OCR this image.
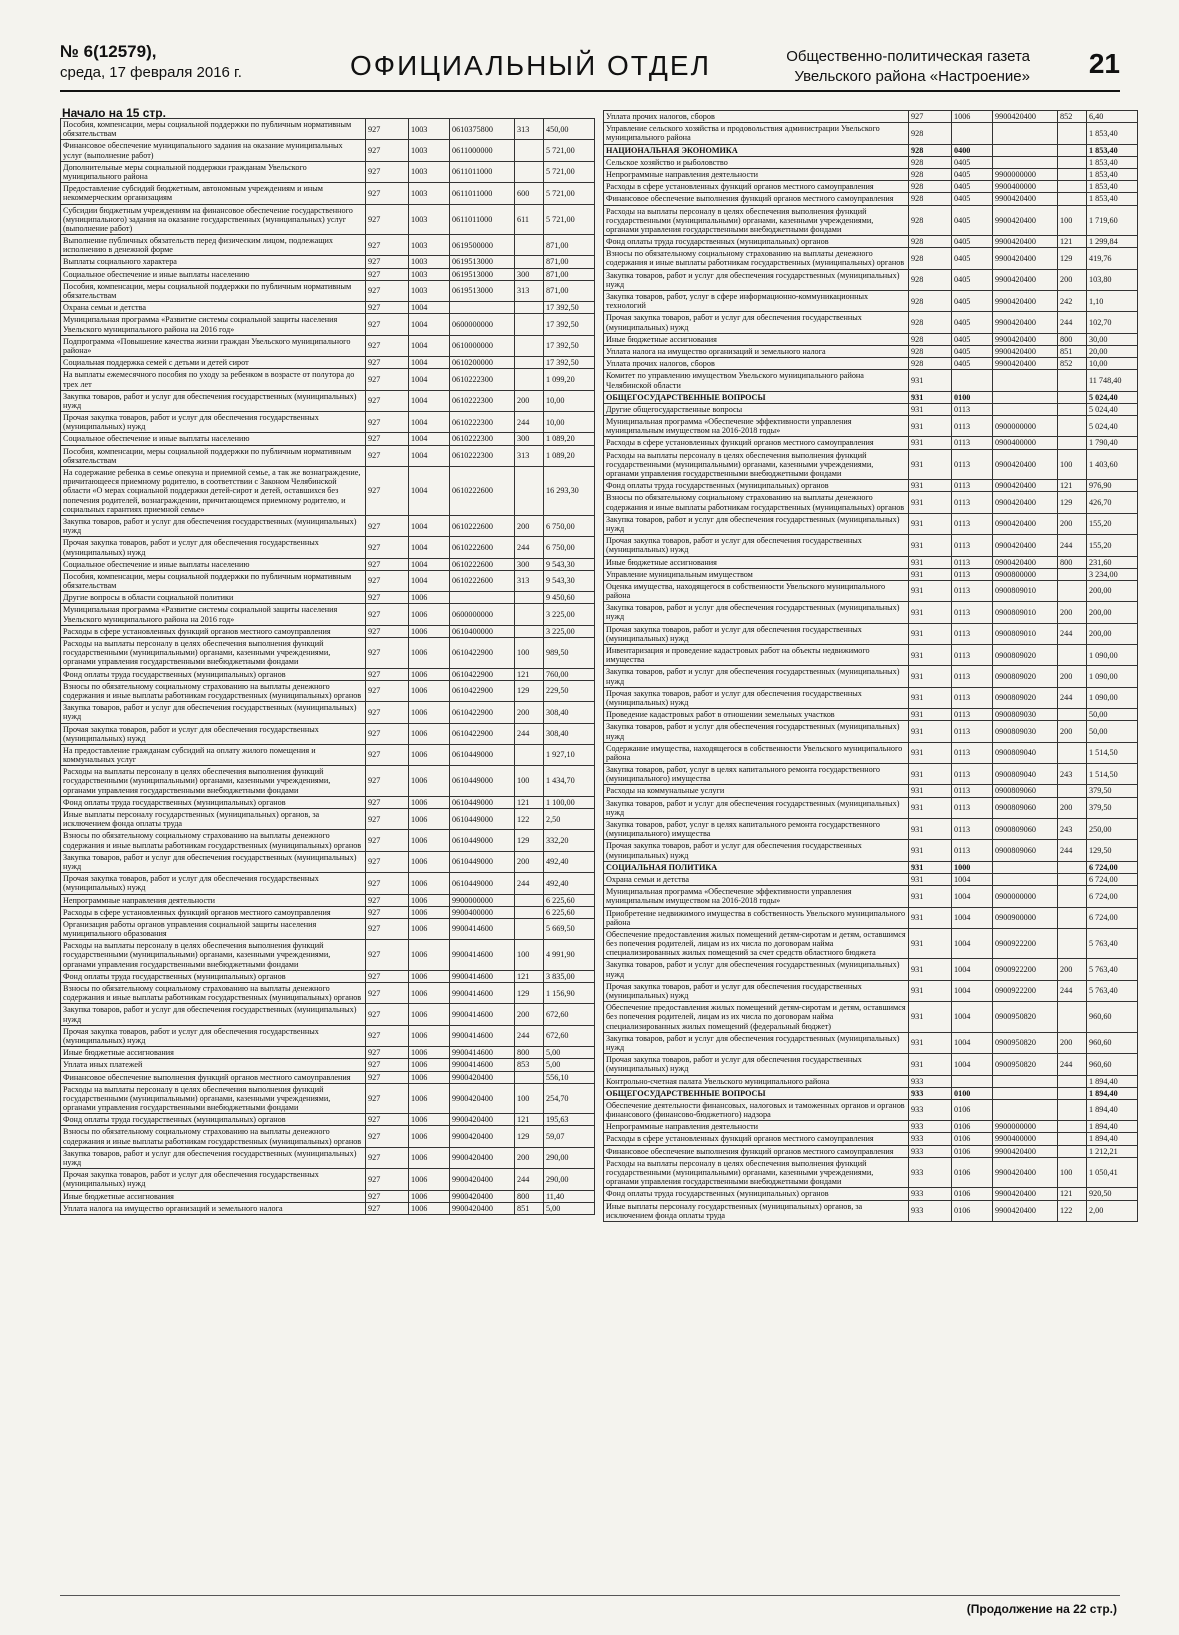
№ 6(12579),
среда, 17 февраля 2016 г.	ОФИЦИАЛЬНЫЙ ОТДЕЛ	Общественно-политическая газета
Увельского района «Настроение» 21
Начало на 15 стр.
Пособия, компенсации, меры социальной поддержки по публичным нормативным обязательствам	927	1003	0610375800	313	450,00
Финансовое обеспечение муниципального задания на оказание муниципальных услуг (выполнение работ)	927	1003	0611000000		5 721,00
Дополнительные меры социальной поддержки гражданам Увельского муниципального района	927	1003	0611011000		5 721,00
Предоставление субсидий бюджетным, автономным учреждениям и иным некоммерческим организациям	927	1003	0611011000	600	5 721,00
Субсидии бюджетным учреждениям на финансовое обеспечение государственного (муниципального) задания на оказание государственных (муниципальных) услуг (выполнение работ)	927	1003	0611011000	611	5 721,00
Выполнение публичных обязательств перед физическим лицом, подлежащих исполнению в денежной форме	927	1003	0619500000		871,00
Выплаты социального характера	927	1003	0619513000		871,00
Социальное обеспечение и иные выплаты населению	927	1003	0619513000	300	871,00
Пособия, компенсации, меры социальной поддержки по публичным нормативным обязательствам	927	1003	0619513000	313	871,00
Охрана семьи и детства	927	1004			17 392,50
Муниципальная программа «Развитие системы социальной защиты населения Увельского муниципального района на 2016 год»	927	1004	0600000000		17 392,50
Подпрограмма «Повышение качества жизни граждан Увельского муниципального района»	927	1004	0610000000		17 392,50
Социальная поддержка семей с детьми и детей сирот	927	1004	0610200000		17 392,50
На выплаты ежемесячного пособия по уходу за ребенком в возрасте от полутора до трех лет	927	1004	0610222300		1 099,20
Закупка товаров, работ и услуг для обеспечения государственных (муниципальных) нужд	927	1004	0610222300	200	10,00
Прочая закупка товаров, работ и услуг для обеспечения государственных (муниципальных) нужд	927	1004	0610222300	244	10,00
Социальное обеспечение и иные выплаты населению	927	1004	0610222300	300	1 089,20
Пособия, компенсации, меры социальной поддержки по публичным нормативным обязательствам	927	1004	0610222300	313	1 089,20
На содержание ребенка в семье опекуна и приемной семье, а так же вознаграждение, причитающееся приемному родителю, в соответствии с Законом Челябинской области «О мерах социальной поддержки детей-сирот и детей, оставшихся без попечения родителей, вознаграждении, причитающемся приемному родителю, и социальных гарантиях приемной семье»	927	1004	0610222600		16 293,30
Закупка товаров, работ и услуг для обеспечения государственных (муниципальных) нужд	927	1004	0610222600	200	6 750,00
Прочая закупка товаров, работ и услуг для обеспечения государственных (муниципальных) нужд	927	1004	0610222600	244	6 750,00
Социальное обеспечение и иные выплаты населению	927	1004	0610222600	300	9 543,30
Пособия, компенсации, меры социальной поддержки по публичным нормативным обязательствам	927	1004	0610222600	313	9 543,30
Другие вопросы в области социальной политики	927	1006			9 450,60
Муниципальная программа «Развитие системы социальной защиты населения Увельского муниципального района на 2016 год»	927	1006	0600000000		3 225,00
Расходы в сфере установленных функций органов местного самоуправления	927	1006	0610400000		3 225,00
Расходы на выплаты персоналу в целях обеспечения выполнения функций государственными (муниципальными) органами, казенными учреждениями, органами управления государственными внебюджетными фондами	927	1006	0610422900	100	989,50
Фонд оплаты труда государственных (муниципальных) органов	927	1006	0610422900	121	760,00
Взносы по обязательному социальному страхованию на выплаты денежного содержания и иные выплаты работникам государственных (муниципальных) органов	927	1006	0610422900	129	229,50
Закупка товаров, работ и услуг для обеспечения государственных (муниципальных) нужд	927	1006	0610422900	200	308,40
Прочая закупка товаров, работ и услуг для обеспечения государственных (муниципальных) нужд	927	1006	0610422900	244	308,40
На предоставление гражданам субсидий на оплату жилого помещения и коммунальных услуг	927	1006	0610449000		1 927,10
Расходы на выплаты персоналу в целях обеспечения выполнения функций государственными (муниципальными) органами, казенными учреждениями, органами управления государственными внебюджетными фондами	927	1006	0610449000	100	1 434,70
Фонд оплаты труда государственных (муниципальных) органов	927	1006	0610449000	121	1 100,00
Иные выплаты персоналу государственных (муниципальных) органов, за исключением фонда оплаты труда	927	1006	0610449000	122	2,50
Взносы по обязательному социальному страхованию на выплаты денежного содержания и иные выплаты работникам государственных (муниципальных) органов	927	1006	0610449000	129	332,20
Закупка товаров, работ и услуг для обеспечения государственных (муниципальных) нужд	927	1006	0610449000	200	492,40
Прочая закупка товаров, работ и услуг для обеспечения государственных (муниципальных) нужд	927	1006	0610449000	244	492,40
Непрограммные направления деятельности	927	1006	9900000000		6 225,60
Расходы в сфере установленных функций органов местного самоуправления	927	1006	9900400000		6 225,60
Организация работы органов управления социальной защиты населения муниципального образования	927	1006	9900414600		5 669,50
Расходы на выплаты персоналу в целях обеспечения выполнения функций государственными (муниципальными) органами, казенными учреждениями, органами управления государственными внебюджетными фондами	927	1006	9900414600	100	4 991,90
Фонд оплаты труда государственных (муниципальных) органов	927	1006	9900414600	121	3 835,00
Взносы по обязательному социальному страхованию на выплаты денежного содержания и иные выплаты работникам государственных (муниципальных) органов	927	1006	9900414600	129	1 156,90
Закупка товаров, работ и услуг для обеспечения государственных (муниципальных) нужд	927	1006	9900414600	200	672,60
Прочая закупка товаров, работ и услуг для обеспечения государственных (муниципальных) нужд	927	1006	9900414600	244	672,60
Иные бюджетные ассигнования	927	1006	9900414600	800	5,00
Уплата иных платежей	927	1006	9900414600	853	5,00
Финансовое обеспечение выполнения функций органов местного самоуправления	927	1006	9900420400		556,10
Расходы на выплаты персоналу в целях обеспечения выполнения функций государственными (муниципальными) органами, казенными учреждениями, органами управления государственными внебюджетными фондами	927	1006	9900420400	100	254,70
Фонд оплаты труда государственных (муниципальных) органов	927	1006	9900420400	121	195,63
Взносы по обязательному социальному страхованию на выплаты денежного содержания и иные выплаты работникам государственных (муниципальных) органов	927	1006	9900420400	129	59,07
Закупка товаров, работ и услуг для обеспечения государственных (муниципальных) нужд	927	1006	9900420400	200	290,00
Прочая закупка товаров, работ и услуг для обеспечения государственных (муниципальных) нужд	927	1006	9900420400	244	290,00
Иные бюджетные ассигнования	927	1006	9900420400	800	11,40
Уплата налога на имущество организаций и земельного налога	927	1006	9900420400	851	5,00
Уплата прочих налогов, сборов	927	1006	9900420400	852	6,40
Управление сельского хозяйства и продовольствия администрации Увельского муниципального района	928				1 853,40
НАЦИОНАЛЬНАЯ ЭКОНОМИКА	928	0400			1 853,40
Сельское хозяйство и рыболовство	928	0405			1 853,40
Непрограммные направления деятельности	928	0405	9900000000		1 853,40
Расходы в сфере установленных функций органов местного самоуправления	928	0405	9900400000		1 853,40
Финансовое обеспечение выполнения функций органов местного самоуправления	928	0405	9900420400		1 853,40
Расходы на выплаты персоналу в целях обеспечения выполнения функций государственными (муниципальными) органами, казенными учреждениями, органами управления государственными внебюджетными фондами	928	0405	9900420400	100	1 719,60
Фонд оплаты труда государственных (муниципальных) органов	928	0405	9900420400	121	1 299,84
Взносы по обязательному социальному страхованию на выплаты денежного содержания и иные выплаты работникам государственных (муниципальных) органов	928	0405	9900420400	129	419,76
Закупка товаров, работ и услуг для обеспечения государственных (муниципальных) нужд	928	0405	9900420400	200	103,80
Закупка товаров, работ, услуг в сфере информационно-коммуникационных технологий	928	0405	9900420400	242	1,10
Прочая закупка товаров, работ и услуг для обеспечения государственных (муниципальных) нужд	928	0405	9900420400	244	102,70
Иные бюджетные ассигнования	928	0405	9900420400	800	30,00
Уплата налога на имущество организаций и земельного налога	928	0405	9900420400	851	20,00
Уплата прочих налогов, сборов	928	0405	9900420400	852	10,00
Комитет по управлению имуществом Увельского муниципального района Челябинской области	931				11 748,40
ОБЩЕГОСУДАРСТВЕННЫЕ ВОПРОСЫ	931	0100			5 024,40
Другие общегосударственные вопросы	931	0113			5 024,40
Муниципальная программа «Обеспечение эффективности управления муниципальным имуществом на 2016-2018 годы»	931	0113	0900000000		5 024,40
Расходы в сфере установленных функций органов местного самоуправления	931	0113	0900400000		1 790,40
Расходы на выплаты персоналу в целях обеспечения выполнения функций государственными (муниципальными) органами, казенными учреждениями, органами управления государственными внебюджетными фондами	931	0113	0900420400	100	1 403,60
Фонд оплаты труда государственных (муниципальных) органов	931	0113	0900420400	121	976,90
Взносы по обязательному социальному страхованию на выплаты денежного содержания и иные выплаты работникам государственных (муниципальных) органов	931	0113	0900420400	129	426,70
Закупка товаров, работ и услуг для обеспечения государственных (муниципальных) нужд	931	0113	0900420400	200	155,20
Прочая закупка товаров, работ и услуг для обеспечения государственных (муниципальных) нужд	931	0113	0900420400	244	155,20
Иные бюджетные ассигнования	931	0113	0900420400	800	231,60
Управление муниципальным имуществом	931	0113	0900800000		3 234,00
Оценка имущества, находящегося в собственности Увельского муниципального района	931	0113	0900809010		200,00
Закупка товаров, работ и услуг для обеспечения государственных (муниципальных) нужд	931	0113	0900809010	200	200,00
Прочая закупка товаров, работ и услуг для обеспечения государственных (муниципальных) нужд	931	0113	0900809010	244	200,00
Инвентаризация и проведение кадастровых работ на объекты недвижимого имущества	931	0113	0900809020		1 090,00
Закупка товаров, работ и услуг для обеспечения государственных (муниципальных) нужд	931	0113	0900809020	200	1 090,00
Прочая закупка товаров, работ и услуг для обеспечения государственных (муниципальных) нужд	931	0113	0900809020	244	1 090,00
Проведение кадастровых работ в отношении земельных участков	931	0113	0900809030		50,00
Закупка товаров, работ и услуг для обеспечения государственных (муниципальных) нужд	931	0113	0900809030	200	50,00
Содержание имущества, находящегося в собственности Увельского муниципального района	931	0113	0900809040		1 514,50
Закупка товаров, работ, услуг в целях капитального ремонта государственного (муниципального) имущества	931	0113	0900809040	243	1 514,50
Расходы на коммунальные услуги	931	0113	0900809060		379,50
Закупка товаров, работ и услуг для обеспечения государственных (муниципальных) нужд	931	0113	0900809060	200	379,50
Закупка товаров, работ, услуг в целях капитального ремонта государственного (муниципального) имущества	931	0113	0900809060	243	250,00
Прочая закупка товаров, работ и услуг для обеспечения государственных (муниципальных) нужд	931	0113	0900809060	244	129,50
СОЦИАЛЬНАЯ ПОЛИТИКА	931	1000			6 724,00
Охрана семьи и детства	931	1004			6 724,00
Муниципальная программа «Обеспечение эффективности управления муниципальным имуществом на 2016-2018 годы»	931	1004	0900000000		6 724,00
Приобретение недвижимого имущества в собственность Увельского муниципального района	931	1004	0900900000		6 724,00
Обеспечение предоставления жилых помещений детям-сиротам и детям, оставшимся без попечения родителей, лицам из их числа по договорам найма специализированных жилых помещений за счет средств областного бюджета	931	1004	0900922200		5 763,40
Закупка товаров, работ и услуг для обеспечения государственных (муниципальных) нужд	931	1004	0900922200	200	5 763,40
Прочая закупка товаров, работ и услуг для обеспечения государственных (муниципальных) нужд	931	1004	0900922200	244	5 763,40
Обеспечение предоставления жилых помещений детям-сиротам и детям, оставшимся без попечения родителей, лицам из их числа по договорам найма специализированных жилых помещений (федеральный бюджет)	931	1004	0900950820		960,60
Закупка товаров, работ и услуг для обеспечения государственных (муниципальных) нужд	931	1004	0900950820	200	960,60
Прочая закупка товаров, работ и услуг для обеспечения государственных (муниципальных) нужд	931	1004	0900950820	244	960,60
Контрольно-счетная палата Увельского муниципального района	933				1 894,40
ОБЩЕГОСУДАРСТВЕННЫЕ ВОПРОСЫ	933	0100			1 894,40
Обеспечение деятельности финансовых, налоговых и таможенных органов и органов финансового (финансово-бюджетного) надзора	933	0106			1 894,40
Непрограммные направления деятельности	933	0106	9900000000		1 894,40
Расходы в сфере установленных функций органов местного самоуправления	933	0106	9900400000		1 894,40
Финансовое обеспечение выполнения функций органов местного самоуправления	933	0106	9900420400		1 212,21
Расходы на выплаты персоналу в целях обеспечения выполнения функций государственными (муниципальными) органами, казенными учреждениями, органами управления государственными внебюджетными фондами	933	0106	9900420400	100	1 050,41
Фонд оплаты труда государственных (муниципальных) органов	933	0106	9900420400	121	920,50
Иные выплаты персоналу государственных (муниципальных) органов, за исключением фонда оплаты труда	933	0106	9900420400	122	2,00
(Продолжение на 22 стр.)
